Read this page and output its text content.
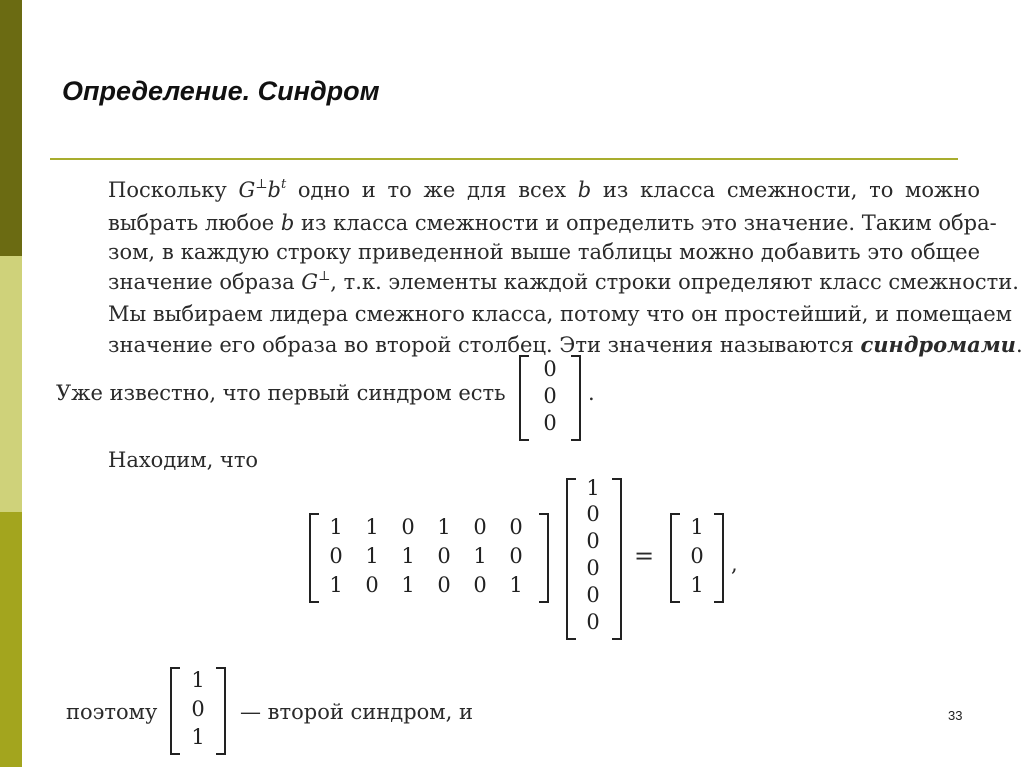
Определение. Синдром
Поскольку $G^\perp b^t$ одно и то же для всех b из класса смежности, то можно
выбрать любое b из класса смежности и определить это значение. Таким обра-
зом, в каждую строку приведенной выше таблицы можно добавить это общее
значение образа G⊥, т.к. элементы каждой строки определяют класс смежности.
Мы выбираем лидера смежного класса, потому что он простейший, и помещаем
значение его образа во второй столбец. Эти значения называются синдромами.
Уже известно, что первый синдром есть
0
0
0
.
Находим, что
1 1 0 1 0 0
0 1 1 0 1 0
1 0 1 0 0 1
1
0
0
0
0
0
=
1
0
1
,
поэтому
1
0
1
— второй синдром, и	33
